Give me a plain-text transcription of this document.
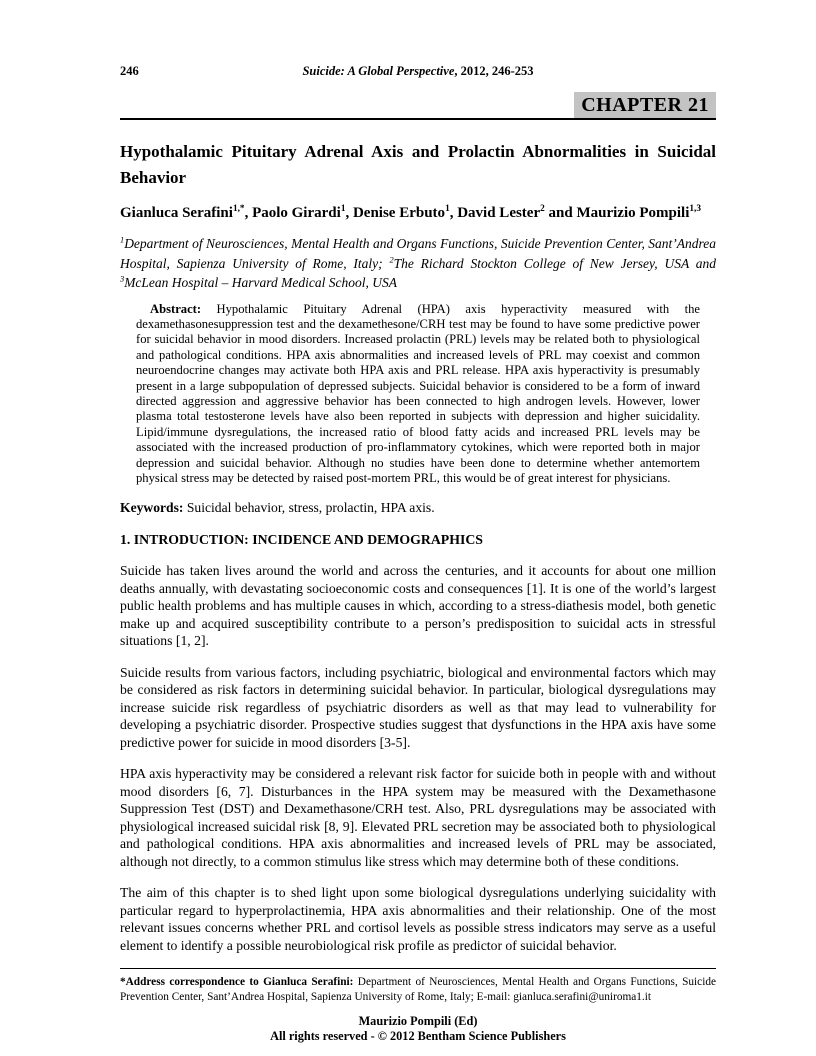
246	Suicide: A Global Perspective, 2012, 246-253
CHAPTER 21
Hypothalamic Pituitary Adrenal Axis and Prolactin Abnormalities in Suicidal Behavior
Gianluca Serafini$^{1,*}$, Paolo Girardi$^1$, Denise Erbuto$^1$, David Lester$^2$ and Maurizio Pompili$^{1,3}$
$^1$Department of Neurosciences, Mental Health and Organs Functions, Suicide Prevention Center, Sant’Andrea Hospital, Sapienza University of Rome, Italy; $^2$The Richard Stockton College of New Jersey, USA and $^3$McLean Hospital – Harvard Medical School, USA
Abstract: Hypothalamic Pituitary Adrenal (HPA) axis hyperactivity measured with the dexamethasonesuppression test and the dexamethesone/CRH test may be found to have some predictive power for suicidal behavior in mood disorders. Increased prolactin (PRL) levels may be related both to physiological and pathological conditions. HPA axis abnormalities and increased levels of PRL may coexist and common neuroendocrine changes may activate both HPA axis and PRL release. HPA axis hyperactivity is presumably present in a large subpopulation of depressed subjects. Suicidal behavior is considered to be a form of inward directed aggression and aggressive behavior has been connected to high androgen levels. However, lower plasma total testosterone levels have also been reported in subjects with depression and higher suicidality. Lipid/immune dysregulations, the increased ratio of blood fatty acids and increased PRL levels may be associated with the increased production of pro-inflammatory cytokines, which were reported both in major depression and suicidal behavior. Although no studies have been done to determine whether antemortem physical stress may be detected by raised post-mortem PRL, this would be of great interest for physicians.
Keywords: Suicidal behavior, stress, prolactin, HPA axis.
1. INTRODUCTION: INCIDENCE AND DEMOGRAPHICS

Suicide has taken lives around the world and across the centuries, and it accounts for about one million deaths annually, with devastating socioeconomic costs and consequences [1]. It is one of the world’s largest public health problems and has multiple causes in which, according to a stress-diathesis model, both genetic make up and acquired susceptibility contribute to a person’s predisposition to suicidal acts in stressful situations [1, 2].

Suicide results from various factors, including psychiatric, biological and environmental factors which may be considered as risk factors in determining suicidal behavior. In particular, biological dysregulations may increase suicide risk regardless of psychiatric disorders as well as that may lead to vulnerability for developing a psychiatric disorder. Prospective studies suggest that dysfunctions in the HPA axis have some predictive power for suicide in mood disorders [3-5].

HPA axis hyperactivity may be considered a relevant risk factor for suicide both in people with and without mood disorders [6, 7]. Disturbances in the HPA system may be measured with the Dexamethasone Suppression Test (DST) and Dexamethasone/CRH test. Also, PRL dysregulations may be associated with physiological increased suicidal risk [8, 9]. Elevated PRL secretion may be associated both to physiological and pathological conditions. HPA axis abnormalities and increased levels of PRL may be associated, although not directly, to a common stimulus like stress which may determine both of these conditions.

The aim of this chapter is to shed light upon some biological dysregulations underlying suicidality with particular regard to hyperprolactinemia, HPA axis abnormalities and their relationship. One of the most relevant issues concerns whether PRL and cortisol levels as possible stress indicators may serve as a useful element to identify a possible neurobiological risk profile as predictor of suicidal behavior.

*Address correspondence to Gianluca Serafini: Department of Neurosciences, Mental Health and Organs Functions, Suicide Prevention Center, Sant’Andrea Hospital, Sapienza University of Rome, Italy; E-mail: gianluca.serafini@uniroma1.it
Maurizio Pompili (Ed)
All rights reserved - © 2012 Bentham Science Publishers
